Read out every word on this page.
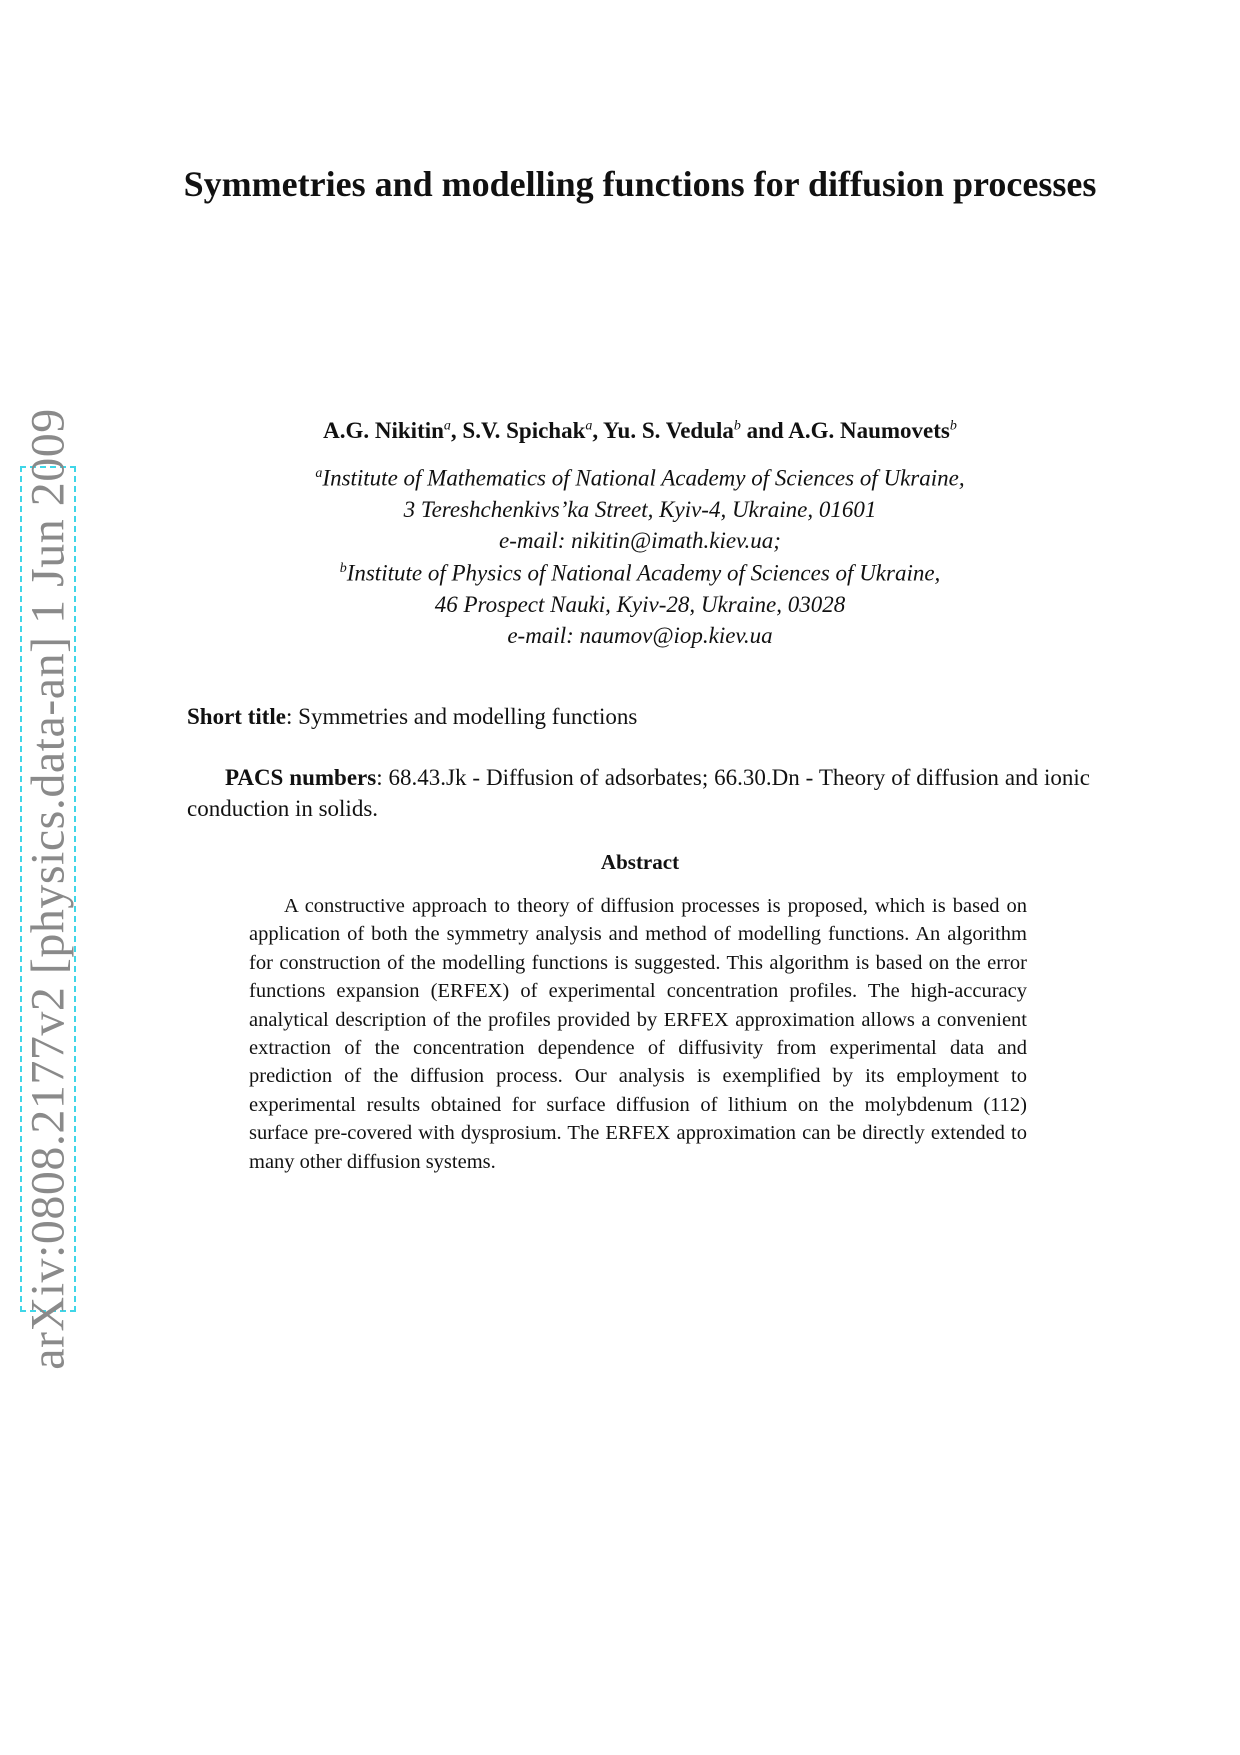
arXiv:0808.2177v2 [physics.data-an] 1 Jun 2009
Symmetries and modelling functions for diffusion processes
A.G. Nikitin$^a$, S.V. Spichak$^a$, Yu. S. Vedula$^b$ and A.G. Naumovets$^b$
$^a$Institute of Mathematics of National Academy of Sciences of Ukraine,
3 Tereshchenkivs’ka Street, Kyiv-4, Ukraine, 01601
e-mail: nikitin@imath.kiev.ua;
$^b$Institute of Physics of National Academy of Sciences of Ukraine,
46 Prospect Nauki, Kyiv-28, Ukraine, 03028
e-mail: naumov@iop.kiev.ua
Short title: Symmetries and modelling functions
PACS numbers: 68.43.Jk - Diffusion of adsorbates; 66.30.Dn - Theory of diffusion and ionic conduction in solids.
Abstract
A constructive approach to theory of diffusion processes is proposed, which is based on application of both the symmetry analysis and method of modelling functions. An algorithm for construction of the modelling functions is suggested. This algorithm is based on the error functions expansion (ERFEX) of experimental concentration profiles. The high-accuracy analytical description of the profiles provided by ERFEX approximation allows a convenient extraction of the concentration dependence of diffusivity from experimental data and prediction of the diffusion process. Our analysis is exemplified by its employment to experimental results obtained for surface diffusion of lithium on the molybdenum (112) surface pre-covered with dysprosium. The ERFEX approximation can be directly extended to many other diffusion systems.
